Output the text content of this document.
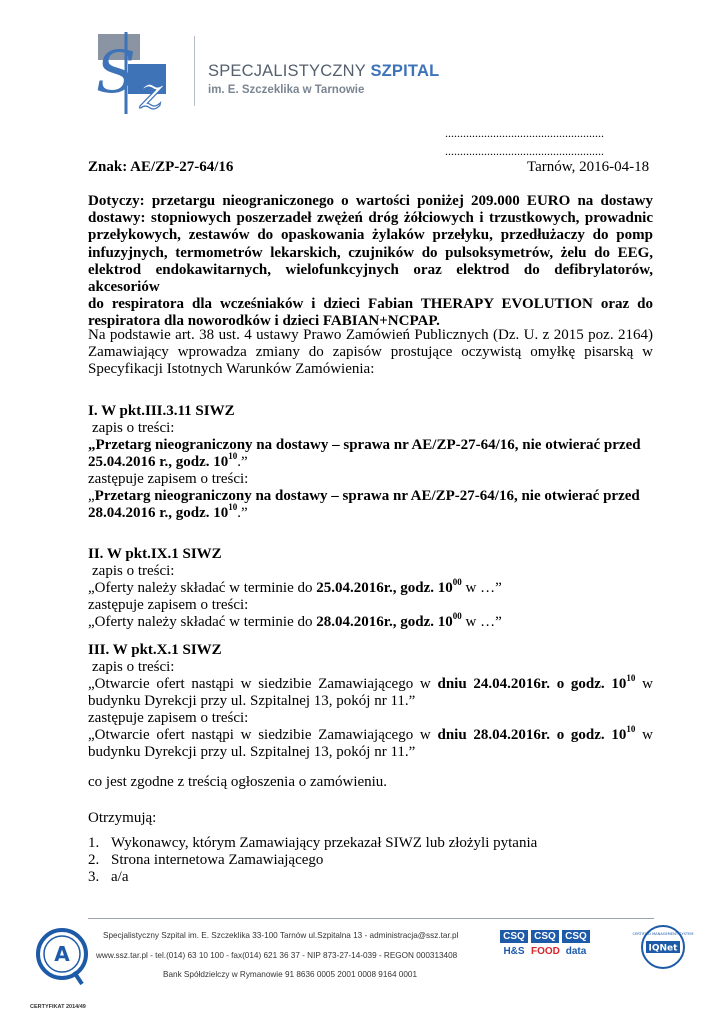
S z	SPECJALISTYCZNY SZPITAL
im. E. Szczeklika w Tarnowie
.....................................................
.....................................................
Znak: AE/ZP-27-64/16	Tarnów, 2016-04-18
Dotyczy: przetargu nieograniczonego o wartości poniżej 209.000 EURO na dostawy
dostawy: stopniowych poszerzadeł zwężeń dróg żółciowych i trzustkowych, prowadnic
przełykowych, zestawów do opaskowania żylaków przełyku, przedłużaczy do pomp
infuzyjnych, termometrów lekarskich, czujników do pulsoksymetrów, żelu do EEG,
elektrod endokawitarnych, wielofunkcyjnych oraz elektrod do defibrylatorów, akcesoriów
do respiratora dla wcześniaków i dzieci Fabian THERAPY EVOLUTION oraz do
respiratora dla noworodków i dzieci FABIAN+NCPAP.
Na podstawie art. 38 ust. 4 ustawy Prawo Zamówień Publicznych (Dz. U. z 2015 poz. 2164)
Zamawiający wprowadza zmiany do zapisów prostujące oczywistą omyłkę pisarską w
Specyfikacji Istotnych Warunków Zamówienia:
I. W pkt.III.3.11 SIWZ
zapis o treści:
„Przetarg nieograniczony na dostawy – sprawa nr AE/ZP-27-64/16, nie otwierać przed
25.04.2016 r., godz. $10^{10}$.”
zastępuje zapisem o treści:
„Przetarg nieograniczony na dostawy – sprawa nr AE/ZP-27-64/16, nie otwierać przed
28.04.2016 r., godz. $10^{10}$.”
II. W pkt.IX.1 SIWZ
zapis o treści:
„Oferty należy składać w terminie do 25.04.2016r., godz. $10^{00}$ w …”
zastępuje zapisem o treści:
„Oferty należy składać w terminie do 28.04.2016r., godz. $10^{00}$ w …”
III. W pkt.X.1 SIWZ
zapis o treści:
„Otwarcie ofert nastąpi w siedzibie Zamawiającego w dniu 24.04.2016r. o godz. $10^{10}$ w
budynku Dyrekcji przy ul. Szpitalnej 13, pokój nr 11.”
zastępuje zapisem o treści:
„Otwarcie ofert nastąpi w siedzibie Zamawiającego w dniu 28.04.2016r. o godz. $10^{10}$ w
budynku Dyrekcji przy ul. Szpitalnej 13, pokój nr 11.”
co jest zgodne z treścią ogłoszenia o zamówieniu.
Otrzymują:
1. Wykonawcy, którym Zamawiający przekazał SIWZ lub złożyli pytania
2. Strona internetowa Zamawiającego
3. a/a
A
CERTYFIKAT 2014/49
Specjalistyczny Szpital im. E. Szczeklika 33-100 Tarnów ul.Szpitalna 13 - administracja@ssz.tar.pl
www.ssz.tar.pl - tel.(014) 63 10 100 - fax(014) 621 36 37 - NIP 873-27-14-039 - REGON 000313408
Bank Spółdzielczy w Rymanowie 91 8636 0005 2001 0008 9164 0001
CSQ CSQ CSQ
H&S FOOD data	IQNet
CERTIFIED MANAGEMENT SYSTEM
